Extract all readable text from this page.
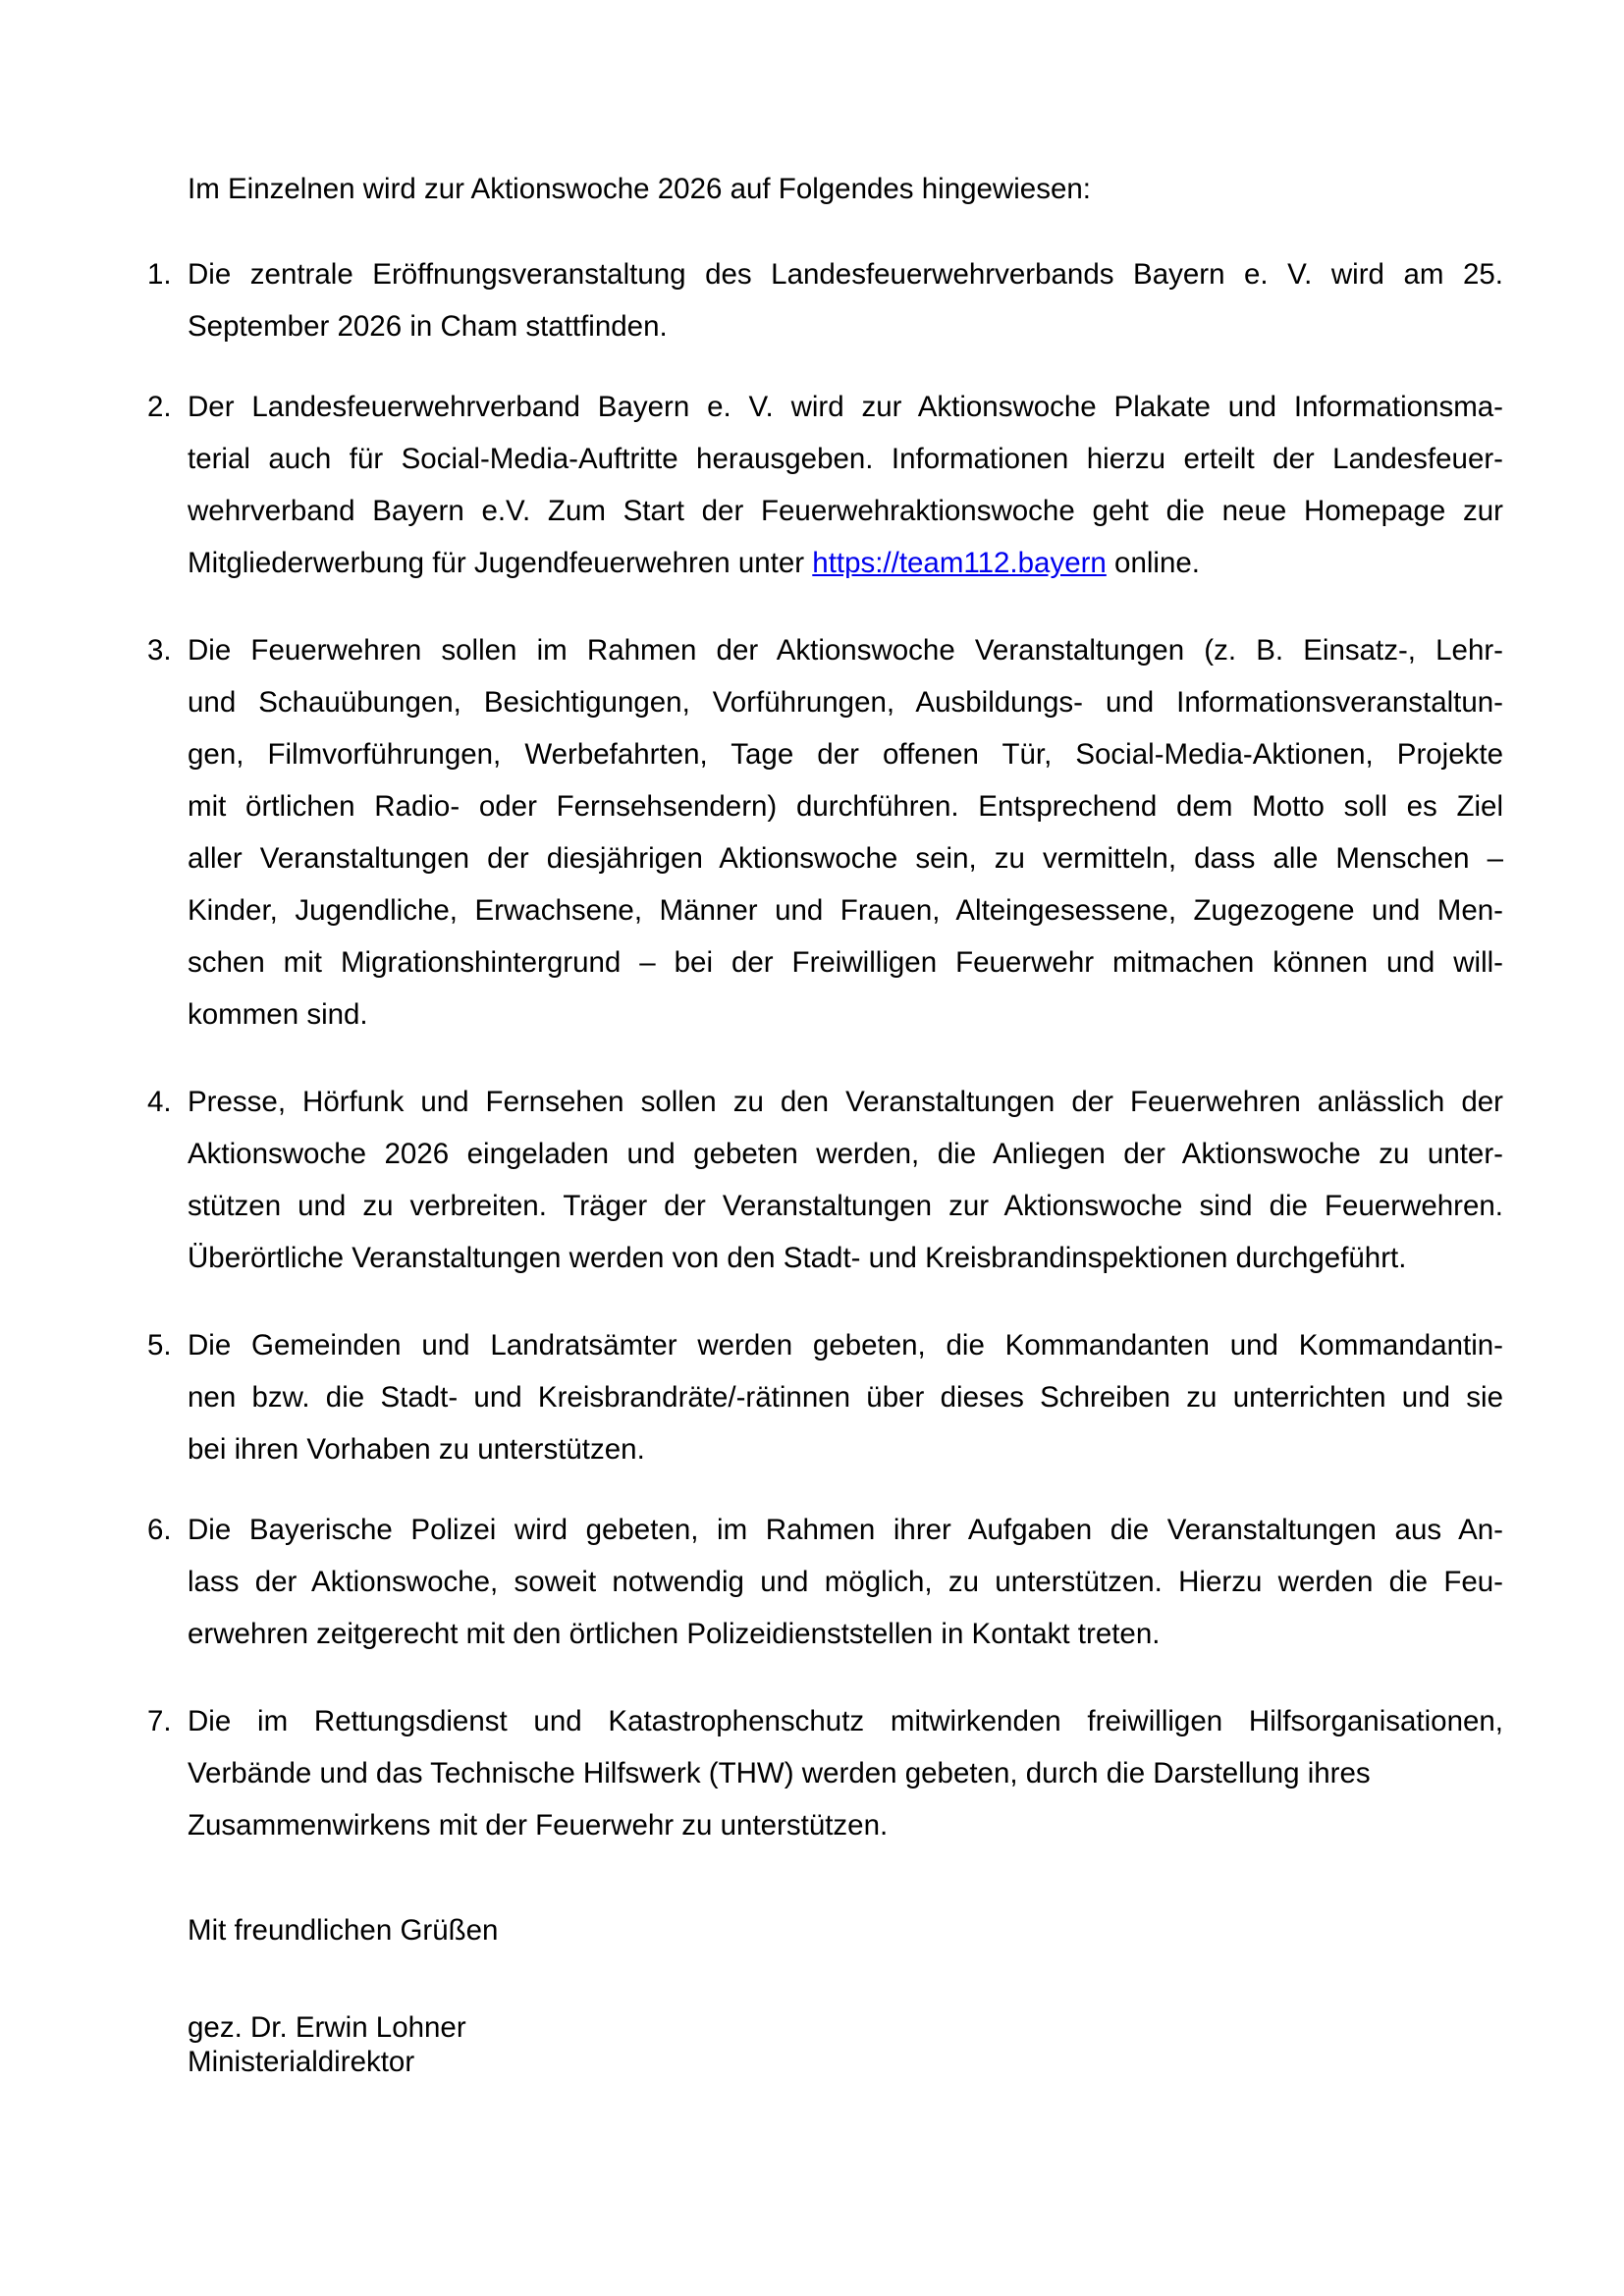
Im Einzelnen wird zur Aktionswoche 2026 auf Folgendes hingewiesen:

1. Die zentrale Eröffnungsveranstaltung des Landesfeuerwehrverbands Bayern e. V. wird am 25.
September 2026 in Cham stattfinden.
2. Der Landesfeuerwehrverband Bayern e. V. wird zur Aktionswoche Plakate und Informationsma-
terial auch für Social-Media-Auftritte herausgeben. Informationen hierzu erteilt der Landesfeuer-
wehrverband Bayern e.V. Zum Start der Feuerwehraktionswoche geht die neue Homepage zur
Mitgliederwerbung für Jugendfeuerwehren unter https://team112.bayern online.
3. Die Feuerwehren sollen im Rahmen der Aktionswoche Veranstaltungen (z. B. Einsatz-, Lehr-
und Schauübungen, Besichtigungen, Vorführungen, Ausbildungs- und Informationsveranstaltun-
gen, Filmvorführungen, Werbefahrten, Tage der offenen Tür, Social-Media-Aktionen, Projekte
mit örtlichen Radio- oder Fernsehsendern) durchführen. Entsprechend dem Motto soll es Ziel
aller Veranstaltungen der diesjährigen Aktionswoche sein, zu vermitteln, dass alle Menschen –
Kinder, Jugendliche, Erwachsene, Männer und Frauen, Alteingesessene, Zugezogene und Men-
schen mit Migrationshintergrund – bei der Freiwilligen Feuerwehr mitmachen können und will-
kommen sind.
4. Presse, Hörfunk und Fernsehen sollen zu den Veranstaltungen der Feuerwehren anlässlich der
Aktionswoche 2026 eingeladen und gebeten werden, die Anliegen der Aktionswoche zu unter-
stützen und zu verbreiten. Träger der Veranstaltungen zur Aktionswoche sind die Feuerwehren.
Überörtliche Veranstaltungen werden von den Stadt- und Kreisbrandinspektionen durchgeführt.
5. Die Gemeinden und Landratsämter werden gebeten, die Kommandanten und Kommandantin-
nen bzw. die Stadt- und Kreisbrandräte/-rätinnen über dieses Schreiben zu unterrichten und sie
bei ihren Vorhaben zu unterstützen.
6. Die Bayerische Polizei wird gebeten, im Rahmen ihrer Aufgaben die Veranstaltungen aus An-
lass der Aktionswoche, soweit notwendig und möglich, zu unterstützen. Hierzu werden die Feu-
erwehren zeitgerecht mit den örtlichen Polizeidienststellen in Kontakt treten.
7. Die im Rettungsdienst und Katastrophenschutz mitwirkenden freiwilligen Hilfsorganisationen,
Verbände und das Technische Hilfswerk (THW) werden gebeten, durch die Darstellung ihres
Zusammenwirkens mit der Feuerwehr zu unterstützen.

Mit freundlichen Grüßen

gez. Dr. Erwin Lohner
Ministerialdirektor
